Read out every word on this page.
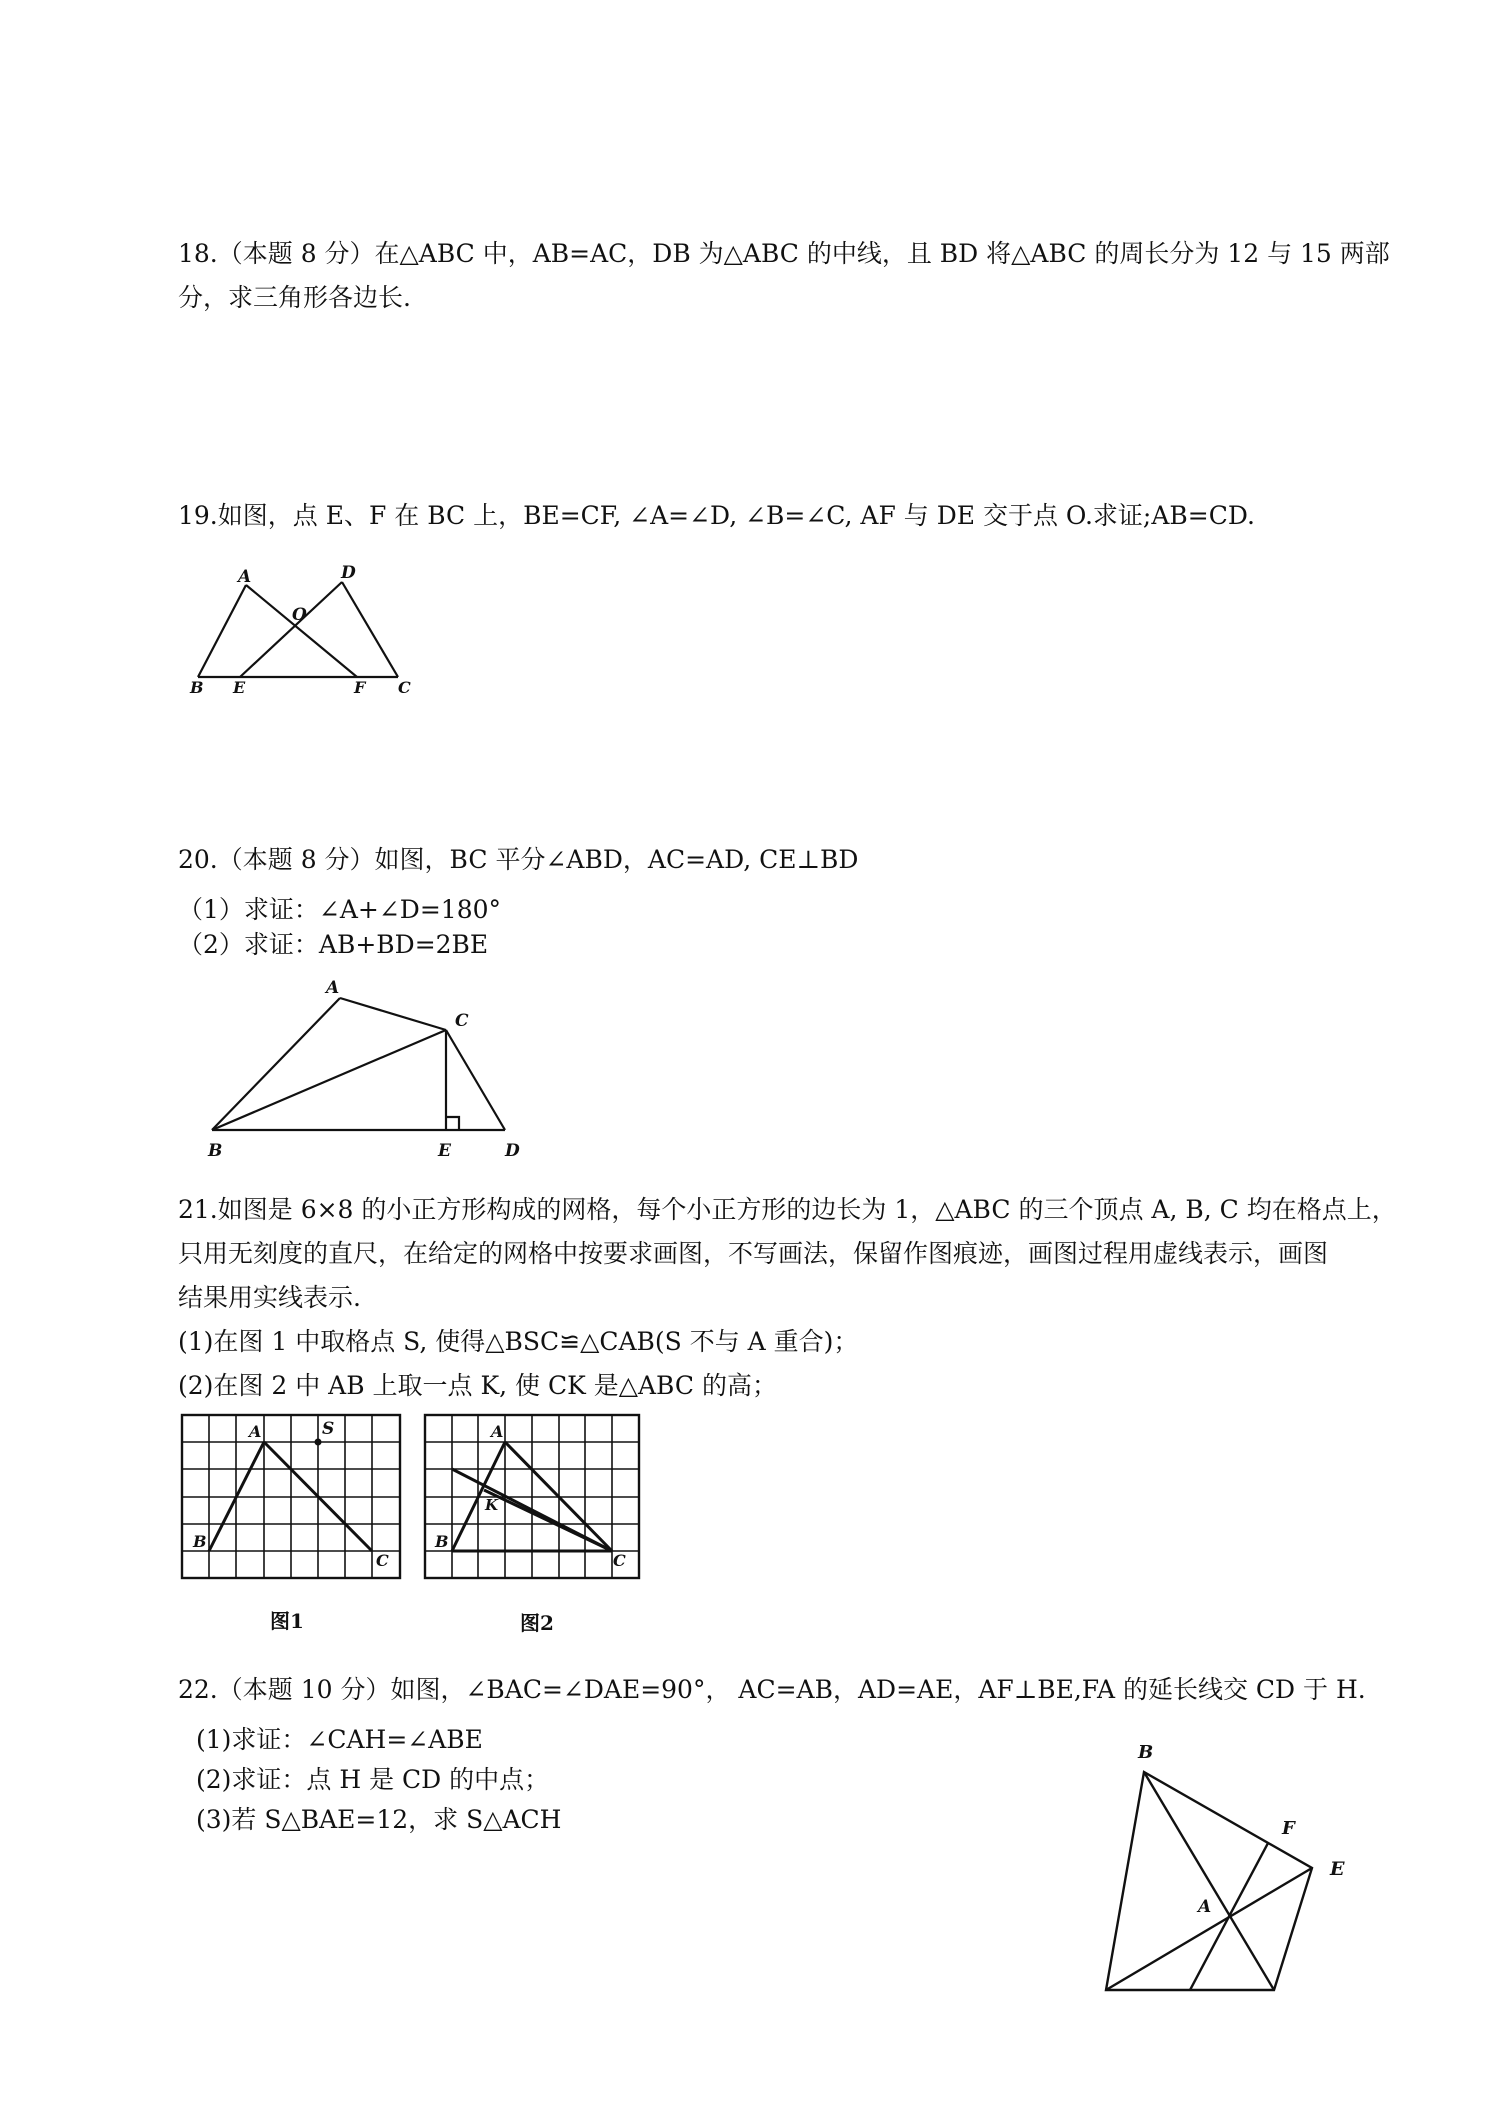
18.（本题 8 分）在△ABC 中，AB=AC，DB 为△ABC 的中线，且 BD 将△ABC 的周长分为 12 与 15 两部
分，求三角形各边长.
19.如图，点 E、F 在 BC 上，BE=CF, ∠A=∠D, ∠B=∠C, AF 与 DE 交于点 O.求证;AB=CD.
A	D
O
B E	F C
20.（本题 8 分）如图，BC 平分∠ABD，AC=AD, CE⊥BD
（1）求证：∠A+∠D=180°
（2）求证：AB+BD=2BE
A
C
B	E	D
21.如图是 6×8 的小正方形构成的网格，每个小正方形的边长为 1，△ABC 的三个顶点 A, B, C 均在格点上，
只用无刻度的直尺，在给定的网格中按要求画图，不写画法，保留作图痕迹，画图过程用虚线表示，画图
结果用实线表示.
(1)在图 1 中取格点 S, 使得△BSC≌△CAB(S 不与 A 重合)；
(2)在图 2 中 AB 上取一点 K, 使 CK 是△ABC 的高；
A	S
B
C
A
B
C
K
图1	图2
22.（本题 10 分）如图，∠BAC=∠DAE=90°， AC=AB，AD=AE，AF⊥BE,FA 的延长线交 CD 于 H.
(1)求证：∠CAH=∠ABE
(2)求证：点 H 是 CD 的中点；
(3)若 S△BAE=12，求 S△ACH
B
F
E
A
